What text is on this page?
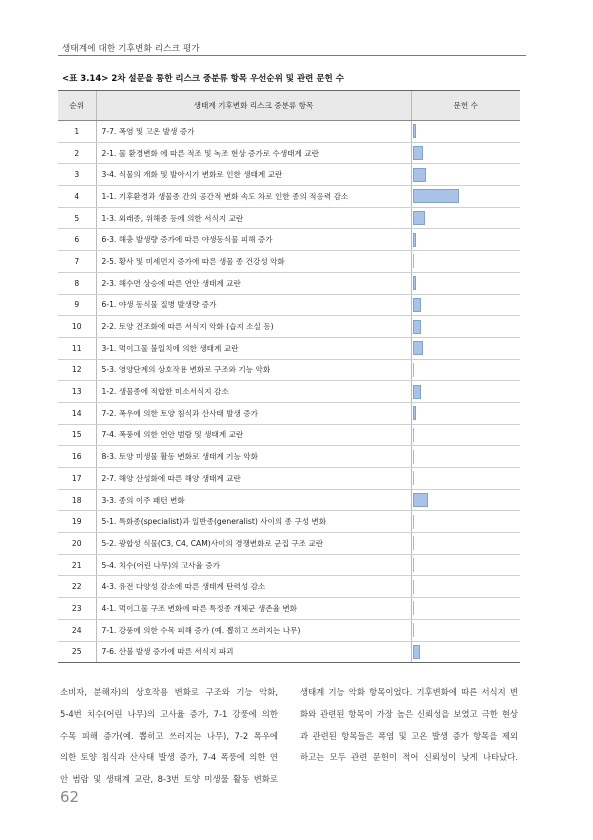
생태계에 대한 기후변화 리스크 평가
<표 3.14> 2차 설문을 통한 리스크 중분류 항목 우선순위 및 관련 문헌 수
순위	생태계 기후변화 리스크 중분류 항목	문헌 수
1	7-7. 폭염 및 고온 발생 증가	

2	2-1. 물 환경변화 에 따른 적조 및 녹조 현상 증가로 수생태계 교란	

3	3-4. 식물의 개화 및 발아시기 변화로 인한 생태계 교란	

4	1-1. 기후환경과 생물종 간의 공간적 변화 속도 차로 인한 종의 적응력 감소	

5	1-3. 외래종, 위해종 등에 의한 서식지 교란	

6	6-3. 해충 발생량 증가에 따른 야생동식물 피해 증가	

7	2-5. 황사 및 미세먼지 증가에 따른 생물 종 건강성 악화	

8	2-3. 해수면 상승에 따른 연안 생태계 교란	

9	6-1. 야생 동식물 질병 발생량 증가	

10	2-2. 토양 건조화에 따른 서식지 악화 (습지 소실 등)	

11	3-1. 먹이그물 불일치에 의한 생태계 교란	

12	5-3. 영양단계의 상호작용 변화로 구조와 기능 악화	

13	1-2. 생물종에 적합한 미소서식지 감소	

14	7-2. 폭우에 의한 토양 침식과 산사태 발생 증가	

15	7-4. 폭풍에 의한 연안 범람 및 생태계 교란	

16	8-3. 토양 미생물 활동 변화로 생태계 기능 악화	

17	2-7. 해양 산성화에 따른 해양 생태계 교란	

18	3-3. 종의 이주 패턴 변화	

19	5-1. 특화종(specialist)과 일반종(generalist) 사이의 종 구성 변화	

20	5-2. 광합성 식물(C3, C4, CAM)사이의 경쟁변화로 군집 구조 교란	

21	5-4. 치수(어린 나무)의 고사율 증가	

22	4-3. 유전 다양성 감소에 따른 생태계 탄력성 감소	

23	4-1. 먹이그물 구조 변화에 따른 특정종 개체군 생존율 변화	

24	7-1. 강풍에 의한 수목 피해 증가 (예. 뽑히고 쓰러지는 나무)	

25	7-6. 산불 발생 증가에 따른 서식지 파괴	
소비자, 분해자)의 상호작용 변화로 구조와 기능 악화,
5-4번 치수(어린 나무)의 고사율 증가, 7-1 강풍에 의한
수목 피해 증가(예. 뽑히고 쓰러지는 나무), 7-2 폭우에
의한 토양 침식과 산사태 발생 증가, 7-4 폭풍에 의한 연
안 범람 및 생태계 교란, 8-3번 토양 미생물 활동 변화로
생태계 기능 악화 항목이었다. 기후변화에 따른 서식지 변
화와 관련된 항목이 가장 높은 신뢰성을 보였고 극한 현상
과 관련된 항목들은 폭염 및 고온 발생 증가 항목을 제외
하고는 모두 관련 문헌이 적어 신뢰성이 낮게 나타났다.
62
